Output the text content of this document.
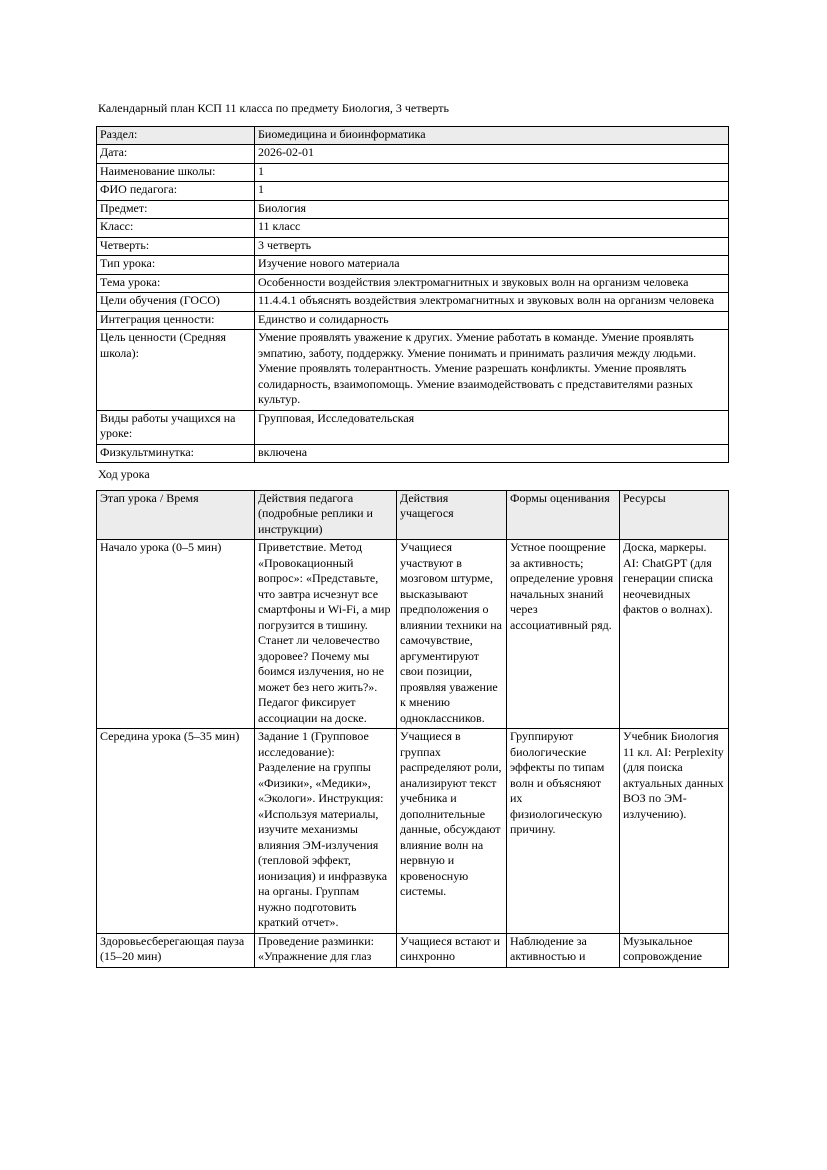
Календарный план КСП 11 класса по предмету Биология, 3 четверть

Раздел:	Биомедицина и биоинформатика
Дата:	2026-02-01
Наименование школы:	1
ФИО педагога:	1
Предмет:	Биология
Класс:	11 класс
Четверть:	3 четверть
Тип урока:	Изучение нового материала
Тема урока:	Особенности воздействия электромагнитных и звуковых волн на организм человека
Цели обучения (ГОСО)	11.4.4.1 объяснять воздействия электромагнитных и звуковых волн на организм человека
Интеграция ценности:	Единство и солидарность
Цель ценности (Средняя школа):	Умение проявлять уважение к других. Умение работать в команде. Умение проявлять эмпатию, заботу, поддержку. Умение понимать и принимать различия между людьми. Умение проявлять толерантность. Умение разрешать конфликты. Умение проявлять солидарность, взаимопомощь. Умение взаимодействовать с представителями разных культур.
Виды работы учащихся на уроке:	Групповая, Исследовательская
Физкультминутка:	включена

Ход урока

Этап урока / Время	Действия педагога (подробные реплики и инструкции)	Действия учащегося	Формы оценивания	Ресурсы
Начало урока (0–5 мин)	Приветствие. Метод «Провокационный вопрос»: «Представьте, что завтра исчезнут все смартфоны и Wi-Fi, а мир погрузится в тишину. Станет ли человечество здоровее? Почему мы боимся излучения, но не может без него жить?». Педагог фиксирует ассоциации на доске.	Учащиеся участвуют в мозговом штурме, высказывают предположения о влиянии техники на самочувствие, аргументируют свои позиции, проявляя уважение к мнению одноклассников.	Устное поощрение за активность; определение уровня начальных знаний через ассоциативный ряд.	Доска, маркеры. AI: ChatGPT (для генерации списка неочевидных фактов о волнах).
Середина урока (5–35 мин)	Задание 1 (Групповое исследование): Разделение на группы «Физики», «Медики», «Экологи». Инструкция: «Используя материалы, изучите механизмы влияния ЭМ-излучения (тепловой эффект, ионизация) и инфразвука на органы. Группам нужно подготовить краткий отчет».	Учащиеся в группах распределяют роли, анализируют текст учебника и дополнительные данные, обсуждают влияние волн на нервную и кровеносную системы.	Группируют биологические эффекты по типам волн и объясняют их физиологическую причину.	Учебник Биология 11 кл. AI: Perplexity (для поиска актуальных данных ВОЗ по ЭМ-излучению).
Здоровьесберегающая пауза (15–20 мин)	Проведение разминки: «Упражнение для глаз	Учащиеся встают и синхронно	Наблюдение за активностью и	Музыкальное сопровождение
